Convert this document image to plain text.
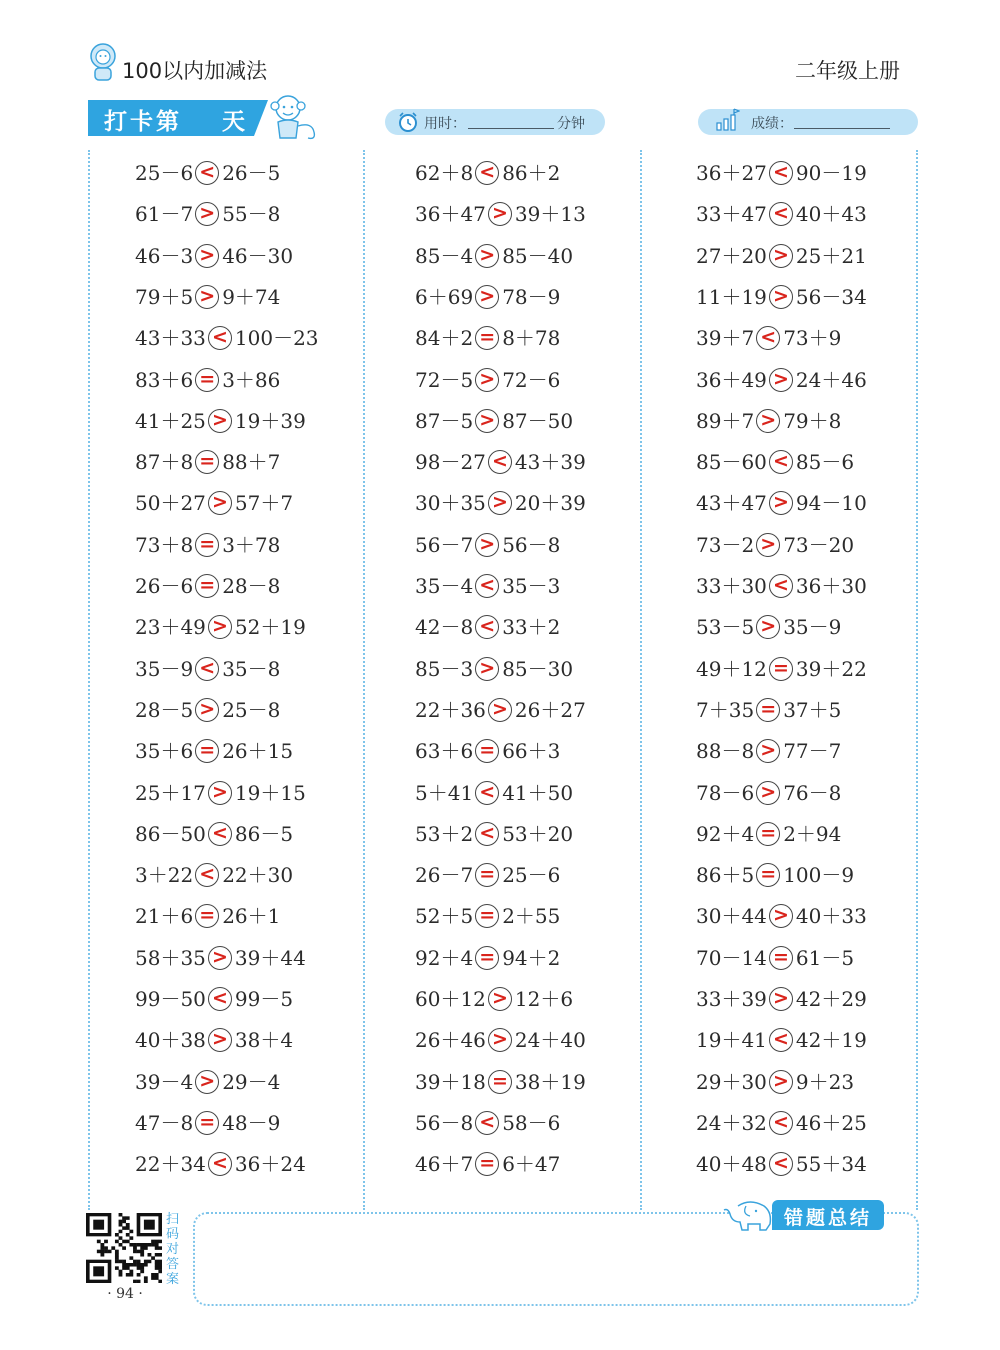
100以内加减法	二年级上册
打卡第 天	用时：	分钟	成绩：
25－6 < 26－5
61－7 > 55－8
46－3 > 46－30
79＋5 > 9＋74
43＋33 < 100－23
83＋6 = 3＋86
41＋25 > 19＋39
87＋8 = 88＋7
50＋27 > 57＋7
73＋8 = 3＋78
26－6 = 28－8
23＋49 > 52＋19
35－9 < 35－8
28－5 > 25－8
35＋6 = 26＋15
25＋17 > 19＋15
86－50 < 86－5
3＋22 < 22＋30
21＋6 = 26＋1
58＋35 > 39＋44
99－50 < 99－5
40＋38 > 38＋4
39－4 > 29－4
47－8 = 48－9
22＋34 < 36＋24
62＋8 < 86＋2
36＋47 > 39＋13
85－4 > 85－40
6＋69 > 78－9
84＋2 = 8＋78
72－5 > 72－6
87－5 > 87－50
98－27 < 43＋39
30＋35 > 20＋39
56－7 > 56－8
35－4 < 35－3
42－8 < 33＋2
85－3 > 85－30
22＋36 > 26＋27
63＋6 = 66＋3
5＋41 < 41＋50
53＋2 < 53＋20
26－7 = 25－6
52＋5 = 2＋55
92＋4 = 94＋2
60＋12 > 12＋6
26＋46 > 24＋40
39＋18 = 38＋19
56－8 < 58－6
46＋7 = 6＋47
36＋27 < 90－19
33＋47 < 40＋43
27＋20 > 25＋21
11＋19 > 56－34
39＋7 < 73＋9
36＋49 > 24＋46
89＋7 > 79＋8
85－60 < 85－6
43＋47 > 94－10
73－2 > 73－20
33＋30 < 36＋30
53－5 > 35－9
49＋12 = 39＋22
7＋35 = 37＋5
88－8 > 77－7
78－6 > 76－8
92＋4 = 2＋94
86＋5 = 100－9
30＋44 > 40＋33
70－14 = 61－5
33＋39 > 42＋29
19＋41 < 42＋19
29＋30 > 9＋23
24＋32 < 46＋25
40＋48 < 55＋34
扫码对答案
· 94 ·
错题总结
